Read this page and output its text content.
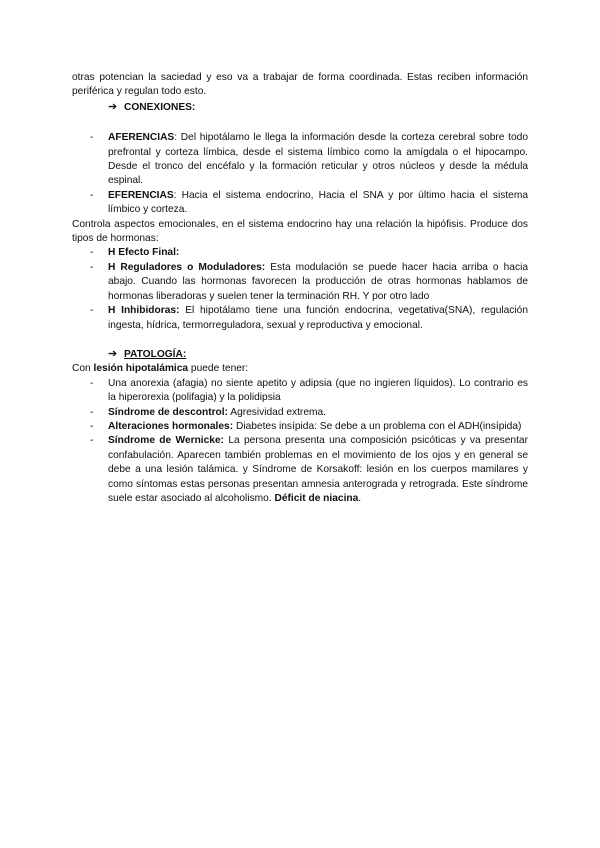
otras potencian la saciedad y eso va a trabajar de forma coordinada. Estas reciben información periférica y regulan todo esto.

➔ CONEXIONES:
- AFERENCIAS: Del hipotálamo le llega la información desde la corteza cerebral sobre todo prefrontal y corteza límbica, desde el sistema límbico como la amígdala o el hipocampo. Desde el tronco del encéfalo y la formación reticular y otros núcleos y desde la médula espinal.
- EFERENCIAS: Hacia el sistema endocrino, Hacia el SNA y por último hacia el sistema límbico y corteza.

Controla aspectos emocionales, en el sistema endocrino hay una relación la hipófisis. Produce dos tipos de hormonas:

- H Efecto Final:
- H Reguladores o Moduladores: Esta modulación se puede hacer hacia arriba o hacia abajo. Cuando las hormonas favorecen la producción de otras hormonas hablamos de hormonas liberadoras y suelen tener la terminación RH. Y por otro lado
- H Inhibidoras: El hipotálamo tiene una función endocrina, vegetativa(SNA), regulación ingesta, hídrica, termorreguladora, sexual y reproductiva y emocional.
➔ PATOLOGÍA:

Con lesión hipotalámica puede tener:

- Una anorexia (afagia) no siente apetito y adipsia (que no ingieren líquidos). Lo contrario es la hiperorexia (polifagia) y la polidipsia
- Síndrome de descontrol: Agresividad extrema.
- Alteraciones hormonales: Diabetes insípida: Se debe a un problema con el ADH(insípida)
- Síndrome de Wernicke: La persona presenta una composición psicóticas y va presentar confabulación. Aparecen también problemas en el movimiento de los ojos y en general se debe a una lesión talámica. y Síndrome de Korsakoff: lesión en los cuerpos mamilares y como síntomas estas personas presentan amnesia anterograda y retrograda. Este síndrome suele estar asociado al alcoholismo. Déficit de niacina.
